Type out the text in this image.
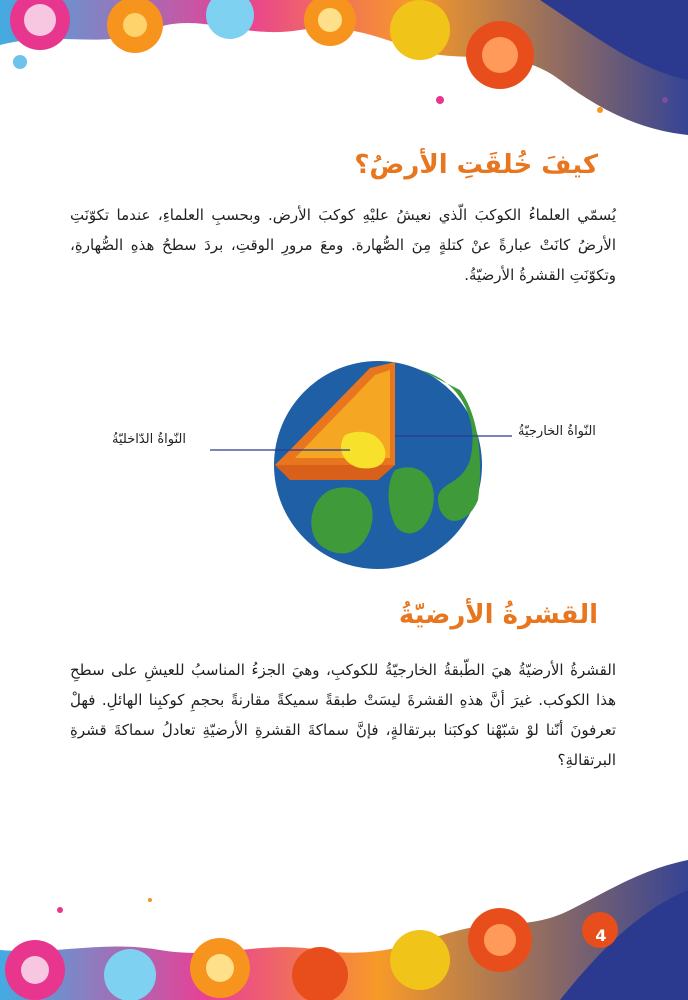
كيفَ خُلقَتِ الأرضُ؟

يُسمّي العلماءُ الكوكبَ الّذي نعيشُ عليْهِ كوكبَ الأرض. وبحسبِ العلماءِ، عندما تكوّنَتِ الأرضُ كانَتْ عبارةً عنْ كتلةٍ مِنَ الصُّهارة. ومعَ مرورِ الوقتِ، بردَ سطحُ هذهِ الصُّهارةِ، وتكوّنَتِ القشرةُ الأرضيّةُ.

النّواةُ الدّاخليّةُ
النّواةُ الخارجيّةُ
القشرةُ الأرضيّةُ

القشرةُ الأرضيّةُ هيَ الطّبقةُ الخارجيّةُ للكوكبِ، وهيَ الجزءُ المناسبُ للعيشِ على سطحِ هذا الكوكب. غيرَ أنَّ هذهِ القشرةَ ليسَتْ طبقةً سميكةً مقارنةً بحجمِ كوكبِنا الهائلِ. فهلْ تعرفونَ أنّنا لوْ شبّهْنا كوكبَنا ببرتقالةٍ، فإنَّ سماكةَ القشرةِ الأرضيّةِ تعادلُ سماكةَ قشرةِ البرتقالةِ؟

4
